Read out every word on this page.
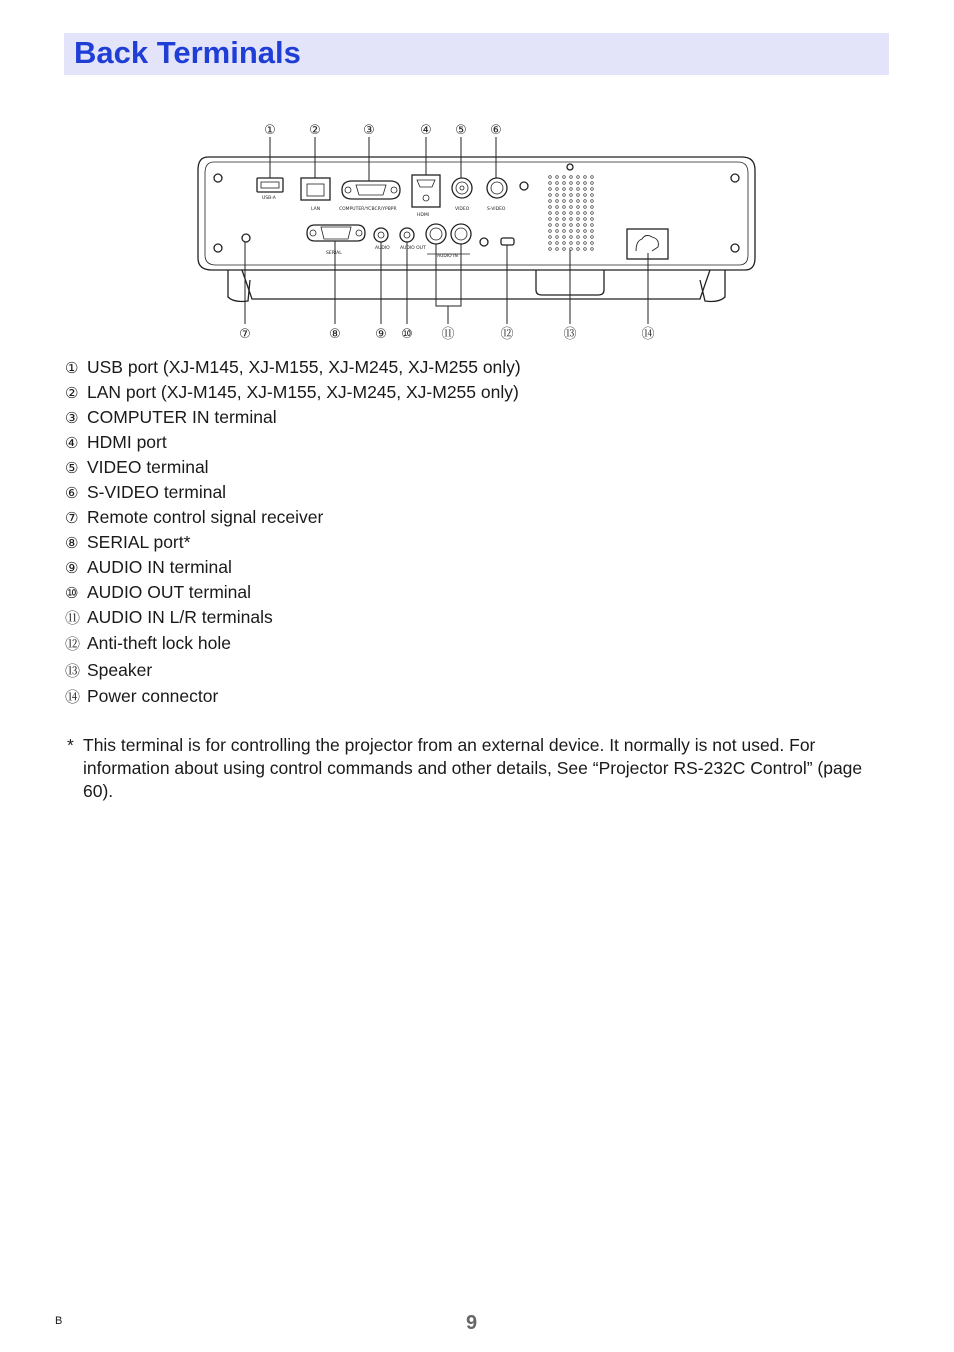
Back Terminals
USB-A
LAN	COMPUTER/YCBCR/YPBPR
HDMI
VIDEO	S-VIDEO
SERIAL
AUDIO AUDIO OUT
AUDIO IN
①	②	③	④ ⑤ ⑥
⑦	⑧	⑨ ⑩ ⑪	⑫	⑬	⑭
① USB port (XJ-M145, XJ-M155, XJ-M245, XJ-M255 only)
② LAN port (XJ-M145, XJ-M155, XJ-M245, XJ-M255 only)
③ COMPUTER IN terminal
④ HDMI port
⑤ VIDEO terminal
⑥ S-VIDEO terminal
⑦ Remote control signal receiver
⑧ SERIAL port*
⑨ AUDIO IN terminal
⑩ AUDIO OUT terminal
⑪ AUDIO IN L/R terminals
⑫ Anti-theft lock hole
⑬ Speaker
⑭ Power connector
* This terminal is for controlling the projector from an external device. It normally is not used. For information about using control commands and other details, See “Projector RS-232C Control” (page 60).
B	9
